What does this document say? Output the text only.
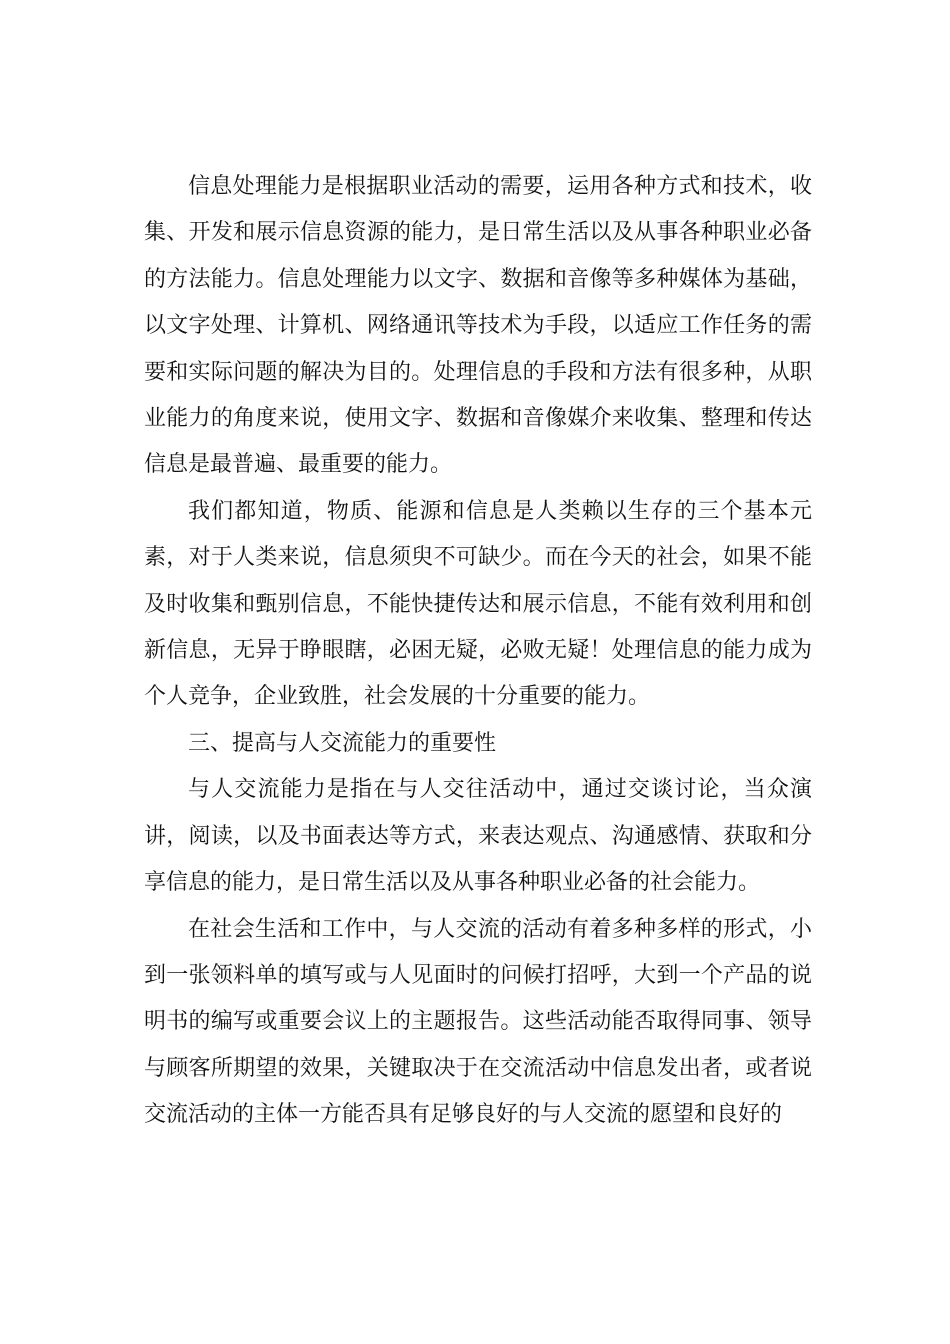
信息处理能力是根据职业活动的需要，运用各种方式和技术，收集、开发和展示信息资源的能力，是日常生活以及从事各种职业必备的方法能力。信息处理能力以文字、数据和音像等多种媒体为基础，以文字处理、计算机、网络通讯等技术为手段，以适应工作任务的需要和实际问题的解决为目的。处理信息的手段和方法有很多种，从职业能力的角度来说，使用文字、数据和音像媒介来收集、整理和传达信息是最普遍、最重要的能力。

我们都知道，物质、能源和信息是人类赖以生存的三个基本元素，对于人类来说，信息须臾不可缺少。而在今天的社会，如果不能及时收集和甄别信息，不能快捷传达和展示信息，不能有效利用和创新信息，无异于睁眼瞎，必困无疑，必败无疑！处理信息的能力成为个人竞争，企业致胜，社会发展的十分重要的能力。

三、提高与人交流能力的重要性

与人交流能力是指在与人交往活动中，通过交谈讨论，当众演讲，阅读，以及书面表达等方式，来表达观点、沟通感情、获取和分享信息的能力，是日常生活以及从事各种职业必备的社会能力。

在社会生活和工作中，与人交流的活动有着多种多样的形式，小到一张领料单的填写或与人见面时的问候打招呼，大到一个产品的说明书的编写或重要会议上的主题报告。这些活动能否取得同事、领导与顾客所期望的效果，关键取决于在交流活动中信息发出者，或者说交流活动的主体一方能否具有足够良好的与人交流的愿望和良好的
